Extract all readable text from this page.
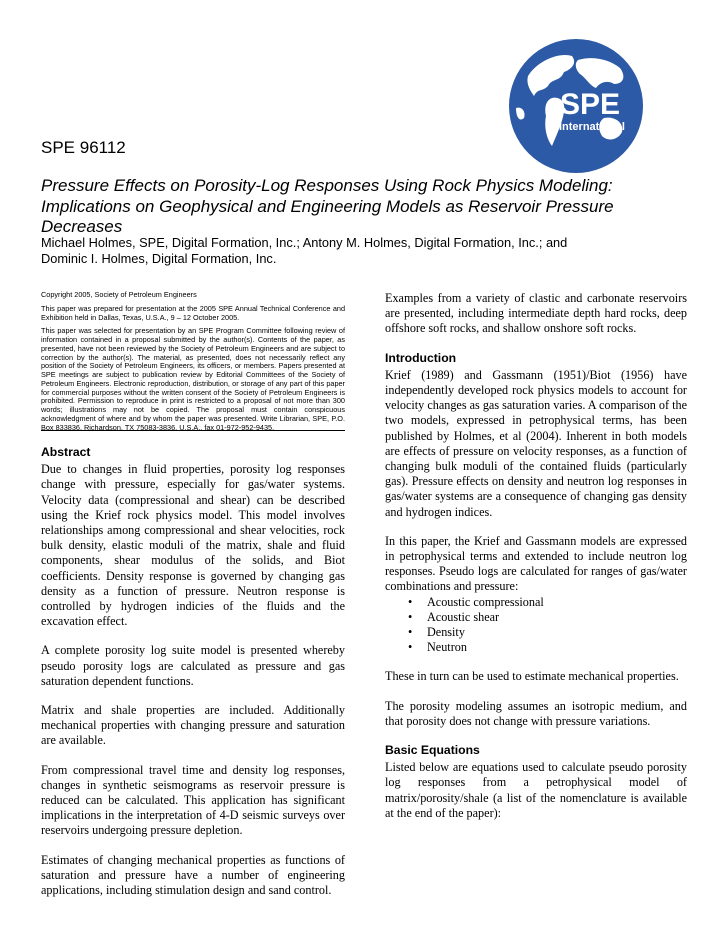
SPE
International
SPE 96112
Pressure Effects on Porosity-Log Responses Using Rock Physics Modeling: Implications on Geophysical and Engineering Models as Reservoir Pressure Decreases
Michael Holmes, SPE, Digital Formation, Inc.; Antony M. Holmes, Digital Formation, Inc.; and
Dominic I. Holmes, Digital Formation, Inc.

Copyright 2005, Society of Petroleum Engineers

This paper was prepared for presentation at the 2005 SPE Annual Technical Conference and Exhibition held in Dallas, Texas, U.S.A., 9 – 12 October 2005.

This paper was selected for presentation by an SPE Program Committee following review of information contained in a proposal submitted by the author(s). Contents of the paper, as presented, have not been reviewed by the Society of Petroleum Engineers and are subject to correction by the author(s). The material, as presented, does not necessarily reflect any position of the Society of Petroleum Engineers, its officers, or members. Papers presented at SPE meetings are subject to publication review by Editorial Committees of the Society of Petroleum Engineers. Electronic reproduction, distribution, or storage of any part of this paper for commercial purposes without the written consent of the Society of Petroleum Engineers is prohibited. Permission to reproduce in print is restricted to a proposal of not more than 300 words; illustrations may not be copied. The proposal must contain conspicuous acknowledgment of where and by whom the paper was presented. Write Librarian, SPE, P.O. Box 833836, Richardson, TX 75083-3836, U.S.A., fax 01-972-952-9435.

Abstract

Due to changes in fluid properties, porosity log responses change with pressure, especially for gas/water systems. Velocity data (compressional and shear) can be described using the Krief rock physics model. This model involves relationships among compressional and shear velocities, rock bulk density, elastic moduli of the matrix, shale and fluid components, shear modulus of the solids, and Biot coefficients. Density response is governed by changing gas density as a function of pressure. Neutron response is controlled by hydrogen indicies of the fluids and the excavation effect.

A complete porosity log suite model is presented whereby pseudo porosity logs are calculated as pressure and gas saturation dependent functions.

Matrix and shale properties are included. Additionally mechanical properties with changing pressure and saturation are available.

From compressional travel time and density log responses, changes in synthetic seismograms as reservoir pressure is reduced can be calculated. This application has significant implications in the interpretation of 4-D seismic surveys over reservoirs undergoing pressure depletion.

Estimates of changing mechanical properties as functions of saturation and pressure have a number of engineering applications, including stimulation design and sand control.

Examples from a variety of clastic and carbonate reservoirs are presented, including intermediate depth hard rocks, deep offshore soft rocks, and shallow onshore soft rocks.

Introduction

Krief (1989) and Gassmann (1951)/Biot (1956) have independently developed rock physics models to account for velocity changes as gas saturation varies. A comparison of the two models, expressed in petrophysical terms, has been published by Holmes, et al (2004). Inherent in both models are effects of pressure on velocity responses, as a function of changing bulk moduli of the contained fluids (particularly gas). Pressure effects on density and neutron log responses in gas/water systems are a consequence of changing gas density and hydrogen indices.

In this paper, the Krief and Gassmann models are expressed in petrophysical terms and extended to include neutron log responses. Pseudo logs are calculated for ranges of gas/water combinations and pressure:

• Acoustic compressional
• Acoustic shear
• Density
• Neutron

These in turn can be used to estimate mechanical properties.

The porosity modeling assumes an isotropic medium, and that porosity does not change with pressure variations.

Basic Equations

Listed below are equations used to calculate pseudo porosity log responses from a petrophysical model of matrix/porosity/shale (a list of the nomenclature is available at the end of the paper):
